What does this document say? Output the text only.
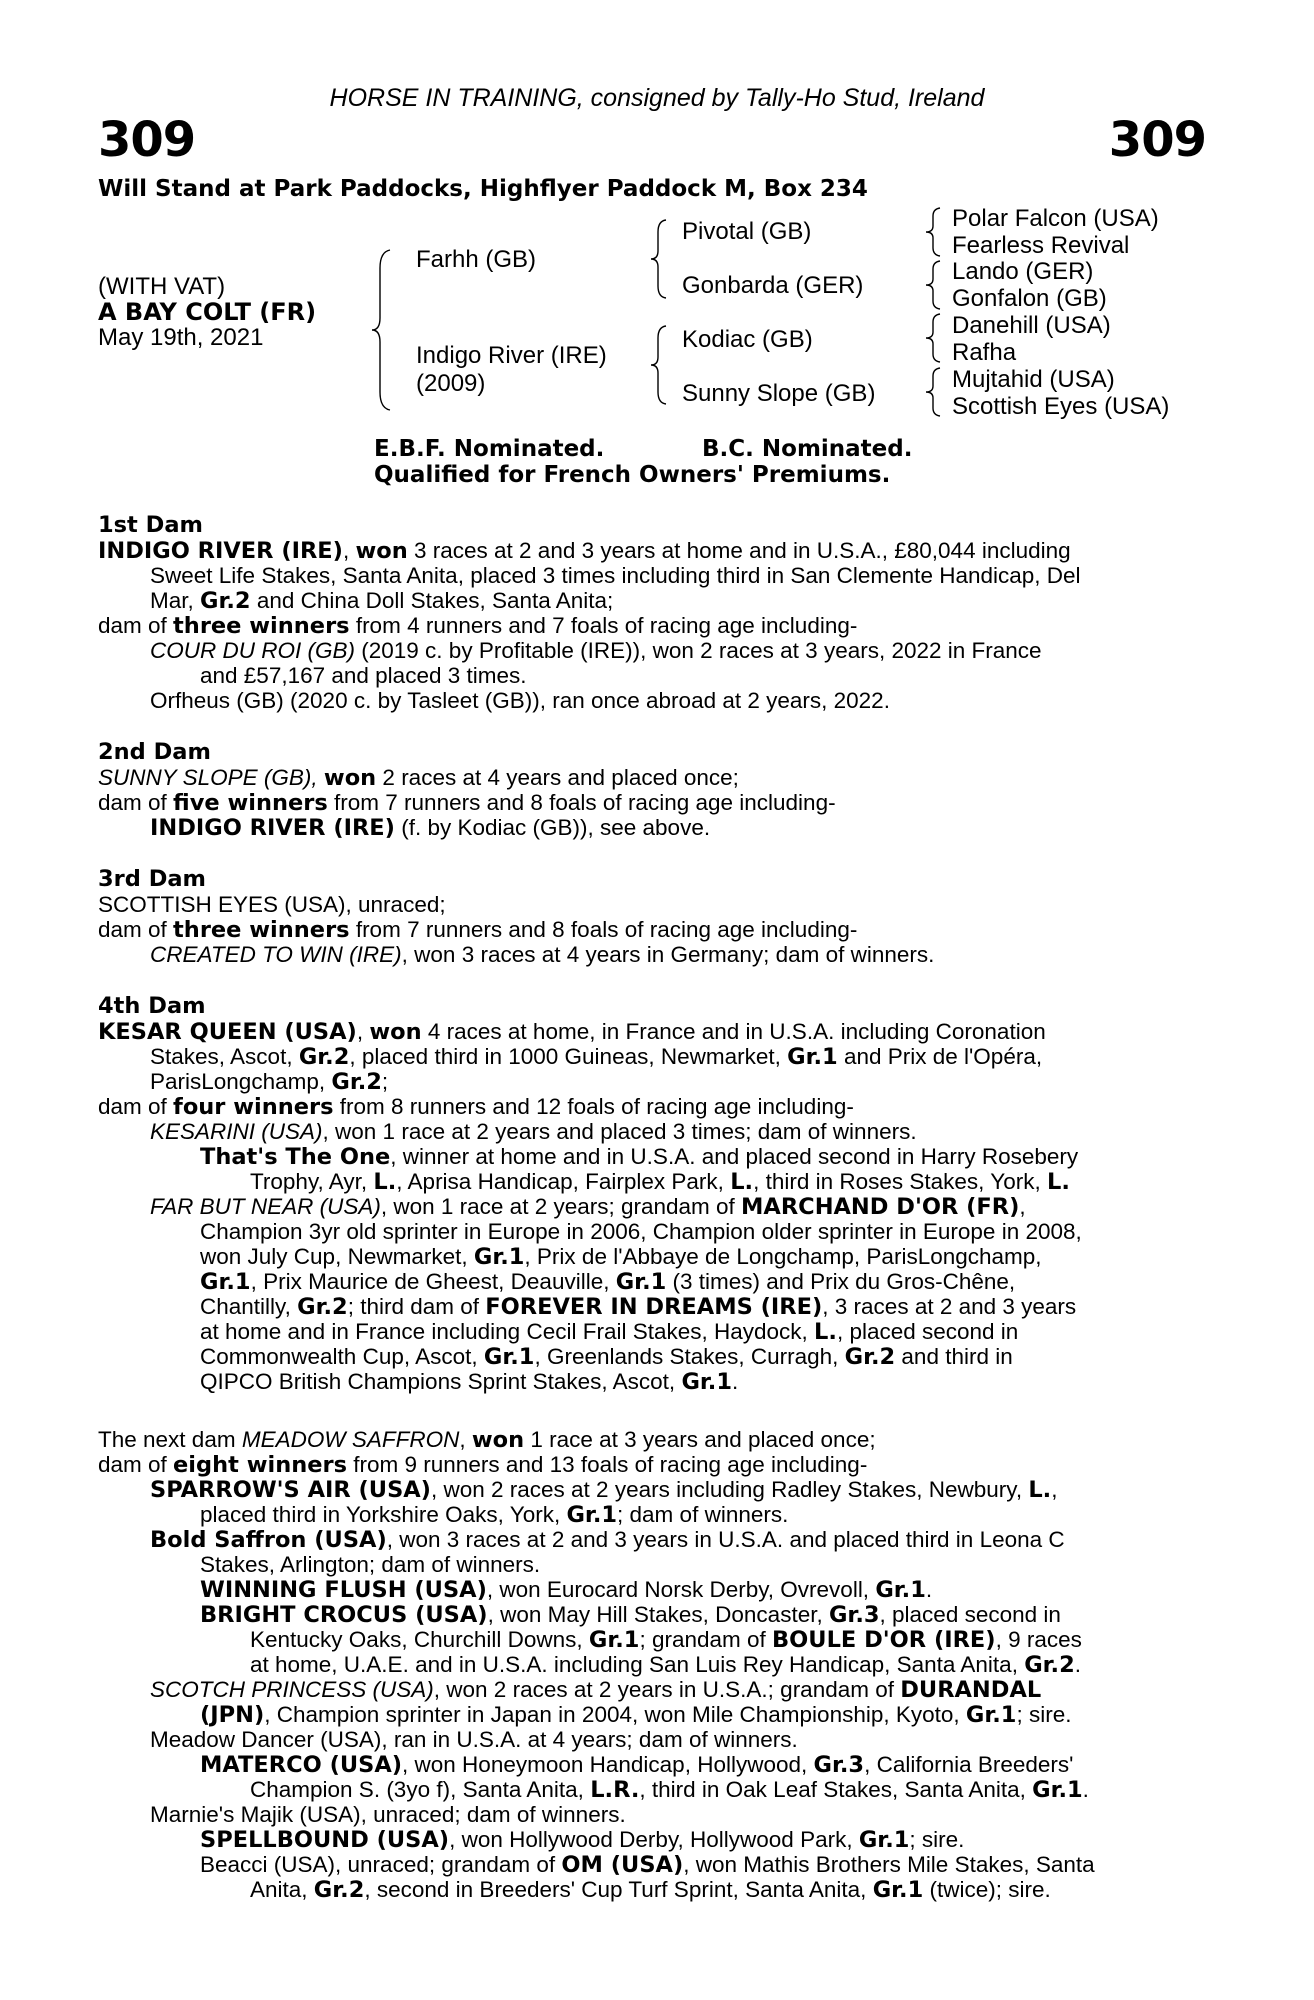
HORSE IN TRAINING, consigned by Tally-Ho Stud, Ireland
309	309
Will Stand at Park Paddocks, Highflyer Paddock M, Box 234
(WITH VAT)
A BAY COLT (FR)
May 19th, 2021
Farhh (GB)
Indigo River (IRE)
(2009)
Pivotal (GB)
Gonbarda (GER)
Kodiac (GB)
Sunny Slope (GB)
Polar Falcon (USA)
Fearless Revival
Lando (GER)
Gonfalon (GB)
Danehill (USA)
Rafha
Mujtahid (USA)
Scottish Eyes (USA)
E.B.F. Nominated.	B.C. Nominated.
Qualified for French Owners' Premiums.
1st Dam
INDIGO RIVER (IRE), won 3 races at 2 and 3 years at home and in U.S.A., £80,044 including
Sweet Life Stakes, Santa Anita, placed 3 times including third in San Clemente Handicap, Del
Mar, Gr.2 and China Doll Stakes, Santa Anita;
dam of three winners from 4 runners and 7 foals of racing age including-
COUR DU ROI (GB) (2019 c. by Profitable (IRE)), won 2 races at 3 years, 2022 in France
and £57,167 and placed 3 times.
Orfheus (GB) (2020 c. by Tasleet (GB)), ran once abroad at 2 years, 2022.
2nd Dam
SUNNY SLOPE (GB), won 2 races at 4 years and placed once;
dam of five winners from 7 runners and 8 foals of racing age including-
INDIGO RIVER (IRE) (f. by Kodiac (GB)), see above.
3rd Dam
SCOTTISH EYES (USA), unraced;
dam of three winners from 7 runners and 8 foals of racing age including-
CREATED TO WIN (IRE), won 3 races at 4 years in Germany; dam of winners.
4th Dam
KESAR QUEEN (USA), won 4 races at home, in France and in U.S.A. including Coronation
Stakes, Ascot, Gr.2, placed third in 1000 Guineas, Newmarket, Gr.1 and Prix de l'Opéra,
ParisLongchamp, Gr.2;
dam of four winners from 8 runners and 12 foals of racing age including-
KESARINI (USA), won 1 race at 2 years and placed 3 times; dam of winners.
That's The One, winner at home and in U.S.A. and placed second in Harry Rosebery
Trophy, Ayr, L., Aprisa Handicap, Fairplex Park, L., third in Roses Stakes, York, L.
FAR BUT NEAR (USA), won 1 race at 2 years; grandam of MARCHAND D'OR (FR),
Champion 3yr old sprinter in Europe in 2006, Champion older sprinter in Europe in 2008,
won July Cup, Newmarket, Gr.1, Prix de l'Abbaye de Longchamp, ParisLongchamp,
Gr.1, Prix Maurice de Gheest, Deauville, Gr.1 (3 times) and Prix du Gros-Chêne,
Chantilly, Gr.2; third dam of FOREVER IN DREAMS (IRE), 3 races at 2 and 3 years
at home and in France including Cecil Frail Stakes, Haydock, L., placed second in
Commonwealth Cup, Ascot, Gr.1, Greenlands Stakes, Curragh, Gr.2 and third in
QIPCO British Champions Sprint Stakes, Ascot, Gr.1.
The next dam MEADOW SAFFRON, won 1 race at 3 years and placed once;
dam of eight winners from 9 runners and 13 foals of racing age including-
SPARROW'S AIR (USA), won 2 races at 2 years including Radley Stakes, Newbury, L.,
placed third in Yorkshire Oaks, York, Gr.1; dam of winners.
Bold Saffron (USA), won 3 races at 2 and 3 years in U.S.A. and placed third in Leona C
Stakes, Arlington; dam of winners.
WINNING FLUSH (USA), won Eurocard Norsk Derby, Ovrevoll, Gr.1.
BRIGHT CROCUS (USA), won May Hill Stakes, Doncaster, Gr.3, placed second in
Kentucky Oaks, Churchill Downs, Gr.1; grandam of BOULE D'OR (IRE), 9 races
at home, U.A.E. and in U.S.A. including San Luis Rey Handicap, Santa Anita, Gr.2.
SCOTCH PRINCESS (USA), won 2 races at 2 years in U.S.A.; grandam of DURANDAL
(JPN), Champion sprinter in Japan in 2004, won Mile Championship, Kyoto, Gr.1; sire.
Meadow Dancer (USA), ran in U.S.A. at 4 years; dam of winners.
MATERCO (USA), won Honeymoon Handicap, Hollywood, Gr.3, California Breeders'
Champion S. (3yo f), Santa Anita, L.R., third in Oak Leaf Stakes, Santa Anita, Gr.1.
Marnie's Majik (USA), unraced; dam of winners.
SPELLBOUND (USA), won Hollywood Derby, Hollywood Park, Gr.1; sire.
Beacci (USA), unraced; grandam of OM (USA), won Mathis Brothers Mile Stakes, Santa
Anita, Gr.2, second in Breeders' Cup Turf Sprint, Santa Anita, Gr.1 (twice); sire.
